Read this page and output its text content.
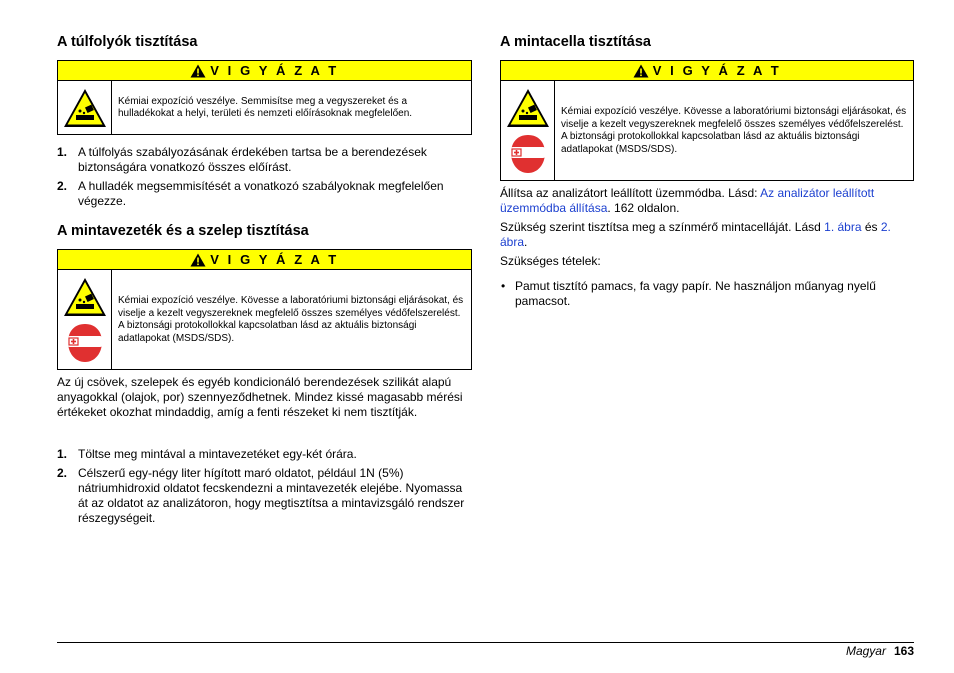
A túlfolyók tisztítása
V I G Y Á Z A T
Kémiai expozíció veszélye. Semmisítse meg a vegyszereket és a hulladékokat a helyi, területi és nemzeti előírásoknak megfelelően.
1. A túlfolyás szabályozásának érdekében tartsa be a berendezések biztonságára vonatkozó összes előírást.
2. A hulladék megsemmisítését a vonatkozó szabályoknak megfelelően végezze.
A mintavezeték és a szelep tisztítása
V I G Y Á Z A T
Kémiai expozíció veszélye. Kövesse a laboratóriumi biztonsági eljárásokat, és viselje a kezelt vegyszereknek megfelelő összes személyes védőfelszerelést. A biztonsági protokollokkal kapcsolatban lásd az aktuális biztonsági adatlapokat (MSDS/SDS).
Az új csövek, szelepek és egyéb kondicionáló berendezések szilikát alapú anyagokkal (olajok, por) szennyeződhetnek. Mindez kissé magasabb mérési értékeket okozhat mindaddig, amíg a fenti részeket ki nem tisztítják.
1. Töltse meg mintával a mintavezetéket egy-két órára.
2. Célszerű egy-négy liter hígított maró oldatot, például 1N (5%) nátriumhidroxid oldatot fecskendezni a mintavezeték elejébe. Nyomassa át az oldatot az analizátoron, hogy megtisztítsa a mintavizsgáló rendszer részegységeit.
A mintacella tisztítása
V I G Y Á Z A T
Kémiai expozíció veszélye. Kövesse a laboratóriumi biztonsági eljárásokat, és viselje a kezelt vegyszereknek megfelelő összes személyes védőfelszerelést. A biztonsági protokollokkal kapcsolatban lásd az aktuális biztonsági adatlapokat (MSDS/SDS).
Állítsa az analizátort leállított üzemmódba. Lásd: Az analizátor leállított üzemmódba állítása. 162 oldalon.
Szükség szerint tisztítsa meg a színmérő mintacelláját. Lásd 1. ábra és 2. ábra.
Szükséges tételek:
• Pamut tisztító pamacs, fa vagy papír. Ne használjon műanyag nyelű pamacsot.
Magyar 163
